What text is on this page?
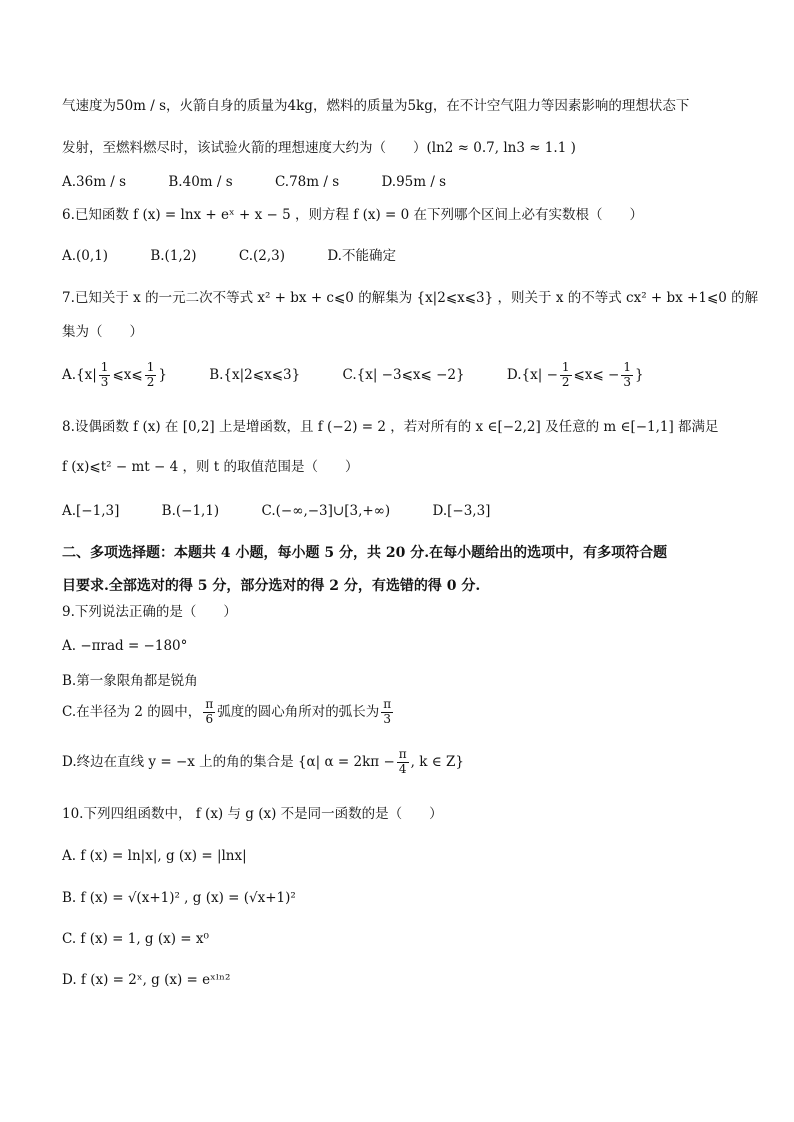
气速度为50m / s，火箭自身的质量为4kg，燃料的质量为5kg，在不计空气阻力等因素影响的理想状态下
发射，至燃料燃尽时，该试验火箭的理想速度大约为（　　）(ln2 ≈ 0.7, ln3 ≈ 1.1 )
A.36m / s	B.40m / s	C.78m / s	D.95m / s
6.已知函数 f (x) = lnx + eˣ + x − 5 ，则方程 f (x) = 0 在下列哪个区间上必有实数根（　　）
A.(0,1)	B.(1,2)	C.(2,3)	D.不能确定
7.已知关于 x 的一元二次不等式 x² + bx + c⩽0 的解集为 {x|2⩽x⩽3} ，则关于 x 的不等式 cx² + bx +1⩽0 的解
集为（　　）
$A.\{x| \frac{1}{3}$ ⩽x⩽ $\frac{1}{2}$ }	B.{x|2⩽x⩽3}	C.{x| −3⩽x⩽ −2}	$D.\{x| - \frac{1}{2}$ ⩽x⩽ − $\frac{1}{3}$ }
8.设偶函数 f (x) 在 [0,2] 上是增函数，且 f (−2) = 2 ，若对所有的 x ∈[−2,2] 及任意的 m ∈[−1,1] 都满足
f (x)⩽t² − mt − 4 ，则 t 的取值范围是（　　）
A.[−1,3]	B.(−1,1)	C.(−∞,−3]∪[3,+∞)	D.[−3,3]
二、多项选择题：本题共 4 小题，每小题 5 分，共 20 分.在每小题给出的选项中，有多项符合题
目要求.全部选对的得 5 分，部分选对的得 2 分，有选错的得 0 分.
9.下列说法正确的是（　　）
A. −πrad = −180°
B.第一象限角都是锐角
C.在半径为 2 的圆中， $\frac{\pi}{6}$ 弧度的圆心角所对的弧长为 $\frac{\pi}{3}$
D.终边在直线 y = −x 上的角的集合是 {α| $\alpha = 2k\pi - \frac{\pi}{4}$ , k ∈ Z}
10.下列四组函数中， f (x) 与 g (x) 不是同一函数的是（　　）
A. f (x) = ln|x|, g (x) = |lnx|
B. f (x) = √(x+1)² , g (x) = (√x+1)²
C. f (x) = 1, g (x) = x⁰
D. f (x) = 2ˣ, g (x) = eˣˡⁿ²
